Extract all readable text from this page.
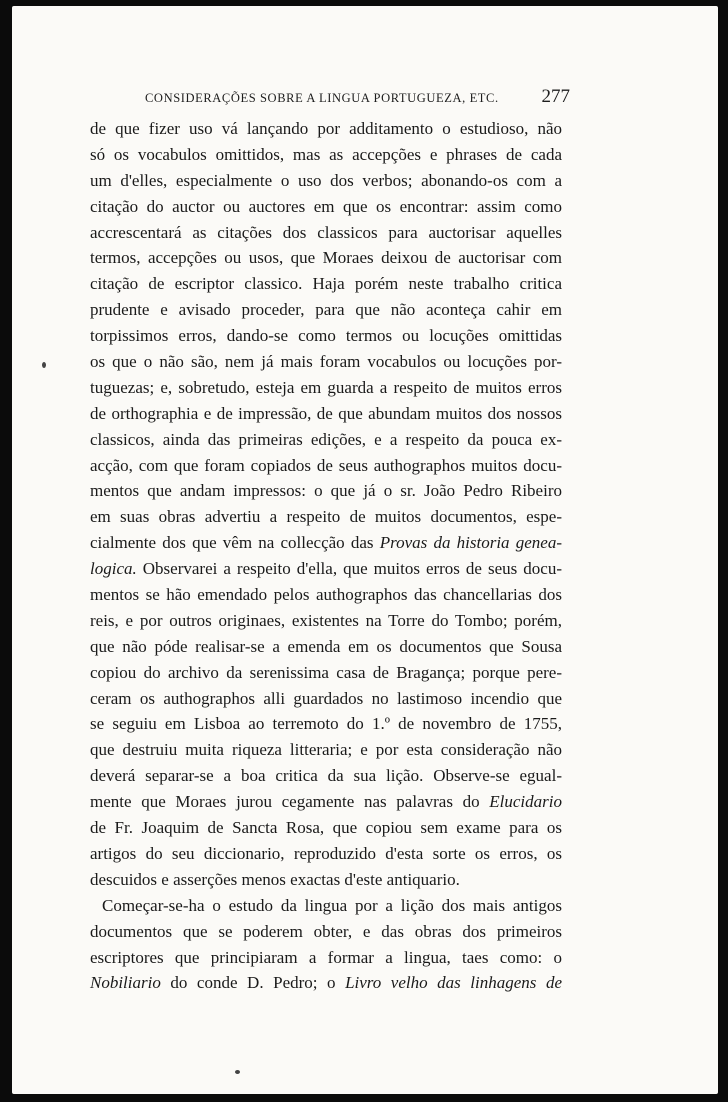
CONSIDERAÇÕES SOBRE A LINGUA PORTUGUEZA, ETC. 277
de que fizer uso vá lançando por additamento o estudioso, não
só os vocabulos omittidos, mas as accepções e phrases de cada
um d'elles, especialmente o uso dos verbos; abonando-os com a
citação do auctor ou auctores em que os encontrar: assim como
accrescentará as citações dos classicos para auctorisar aquelles
termos, accepções ou usos, que Moraes deixou de auctorisar com
citação de escriptor classico. Haja porém neste trabalho critica
prudente e avisado proceder, para que não aconteça cahir em
torpissimos erros, dando-se como termos ou locuções omittidas
os que o não são, nem já mais foram vocabulos ou locuções por-
tuguezas; e, sobretudo, esteja em guarda a respeito de muitos erros
de orthographia e de impressão, de que abundam muitos dos nossos
classicos, ainda das primeiras edições, e a respeito da pouca ex-
acção, com que foram copiados de seus authographos muitos docu-
mentos que andam impressos: o que já o sr. João Pedro Ribeiro
em suas obras advertiu a respeito de muitos documentos, espe-
cialmente dos que vêm na collecção das Provas da historia genea-
logica. Observarei a respeito d'ella, que muitos erros de seus docu-
mentos se hão emendado pelos authographos das chancellarias dos
reis, e por outros originaes, existentes na Torre do Tombo; porém,
que não póde realisar-se a emenda em os documentos que Sousa
copiou do archivo da serenissima casa de Bragança; porque pere-
ceram os authographos alli guardados no lastimoso incendio que
se seguiu em Lisboa ao terremoto do 1.º de novembro de 1755,
que destruiu muita riqueza litteraria; e por esta consideração não
deverá separar-se a boa critica da sua lição. Observe-se egual-
mente que Moraes jurou cegamente nas palavras do Elucidario
de Fr. Joaquim de Sancta Rosa, que copiou sem exame para os
artigos do seu diccionario, reproduzido d'esta sorte os erros, os
descuidos e asserções menos exactas d'este antiquario.
Começar-se-ha o estudo da lingua por a lição dos mais antigos
documentos que se poderem obter, e das obras dos primeiros
escriptores que principiaram a formar a lingua, taes como: o
Nobiliario do conde D. Pedro; o Livro velho das linhagens de
